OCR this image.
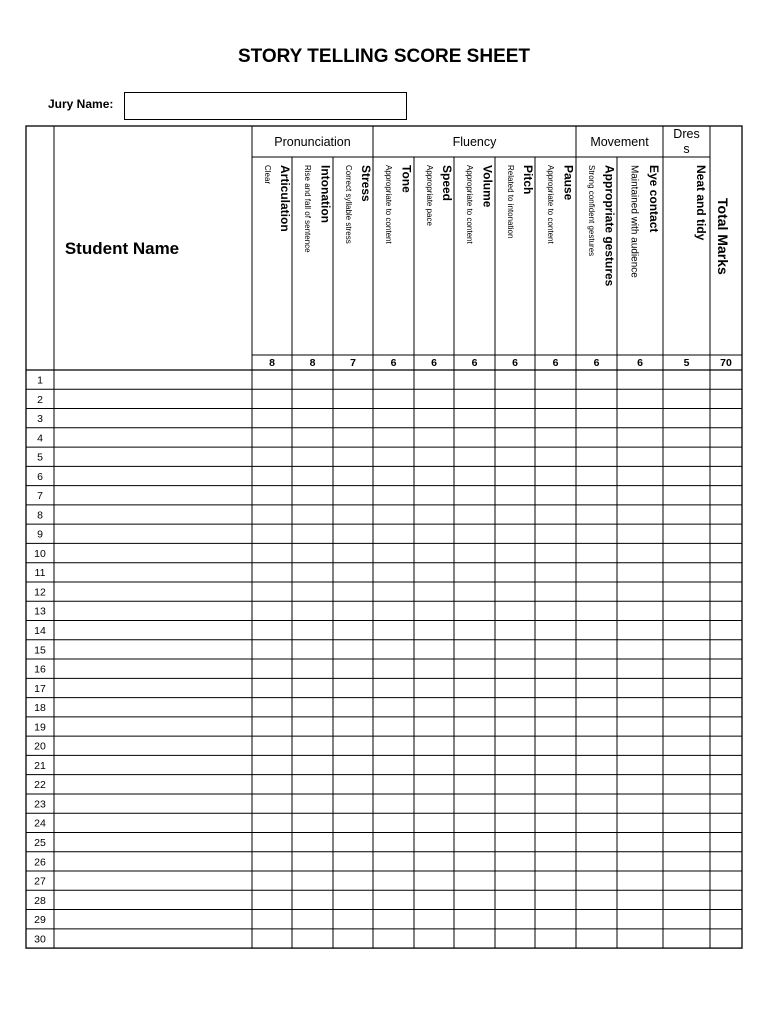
STORY TELLING SCORE SHEET
Jury Name:
Pronunciation	Fluency	Movement
Dres s
Student Name
Articulation
Clear
8
Intonation
Rise and fall of sentence
8
Stress
Correct syllable stress
7
Tone
Appropriate to content
6
Speed
Appropriate pace
6
Volume
Appropriate to content
6
Pitch
Related to intonation
6
Pause
Appropriate to content
6
Appropriate gestures
Strong confident gestures
6
Eye contact
Maintained with audience
6
Neat and tidy
5
Total Marks
70
1
2
3
4
5
6
7
8
9
10
11
12
13
14
15
16
17
18
19
20
21
22
23
24
25
26
27
28
29
30
